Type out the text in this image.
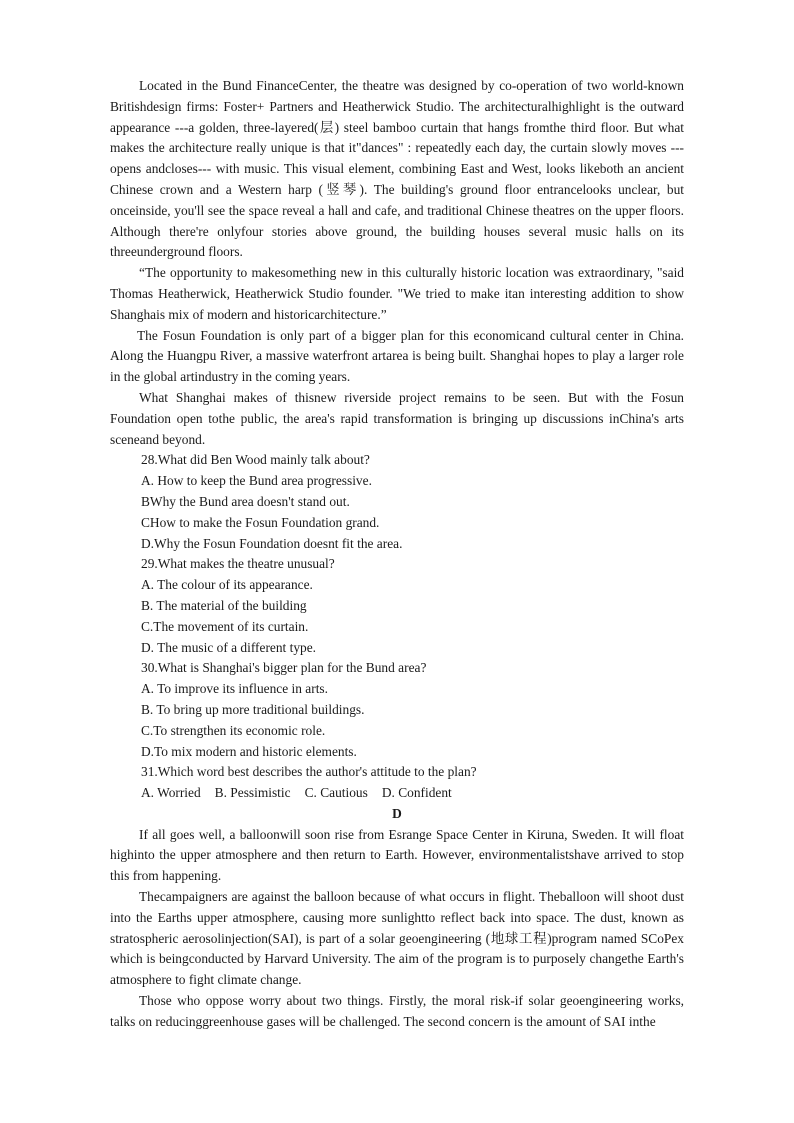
Located in the Bund FinanceCenter, the theatre was designed by co-operation of two world-known Britishdesign firms: Foster+ Partners and Heatherwick Studio. The architecturalhighlight is the outward appearance ---a golden, three-layered(层) steel bamboo curtain that hangs fromthe third floor. But what makes the architecture really unique is that it"dances" : repeatedly each day, the curtain slowly moves ---opens andcloses--- with music. This visual element, combining East and West, looks likeboth an ancient Chinese crown and a Western harp (竖琴). The building's ground floor entrancelooks unclear, but onceinside, you'll see the space reveal a hall and cafe, and traditional Chinese theatres on the upper floors. Although there're onlyfour stories above ground, the building houses several music halls on its threeunderground floors.

“The opportunity to makesomething new in this culturally historic location was extraordinary, "said Thomas Heatherwick, Heatherwick Studio founder. "We tried to make itan interesting addition to show Shanghais mix of modern and historicarchitecture.”

The Fosun Foundation is only part of a bigger plan for this economicand cultural center in China. Along the Huangpu River, a massive waterfront artarea is being built. Shanghai hopes to play a larger role in the global artindustry in the coming years.

What Shanghai makes of thisnew riverside project remains to be seen. But with the Fosun Foundation open tothe public, the area's rapid transformation is bringing up discussions inChina's arts sceneand beyond.

28.What did Ben Wood mainly talk about?

A. How to keep the Bund area progressive.

BWhy the Bund area doesn't stand out.

CHow to make the Fosun Foundation grand.

D.Why the Fosun Foundation doesnt fit the area.

29.What makes the theatre unusual?

A. The colour of its appearance.

B. The material of the building

C.The movement of its curtain.

D. The music of a different type.

30.What is Shanghai's bigger plan for the Bund area?

A. To improve its influence in arts.

B. To bring up more traditional buildings.

C.To strengthen its economic role.

D.To mix modern and historic elements.

31.Which word best describes the author's attitude to the plan?

A. Worried B. Pessimistic C. Cautious D. Confident

D

If all goes well, a balloonwill soon rise from Esrange Space Center in Kiruna, Sweden. It will float highinto the upper atmosphere and then return to Earth. However, environmentalistshave arrived to stop this from happening.

Thecampaigners are against the balloon because of what occurs in flight. Theballoon will shoot dust into the Earths upper atmosphere, causing more sunlightto reflect back into space. The dust, known as stratospheric aerosolinjection(SAI), is part of a solar geoengineering (地球工程)program named SCoPex which is beingconducted by Harvard University. The aim of the program is to purposely changethe Earth's atmosphere to fight climate change.

Those who oppose worry about two things. Firstly, the moral risk-if solar geoengineering works, talks on reducinggreenhouse gases will be challenged. The second concern is the amount of SAI inthe
